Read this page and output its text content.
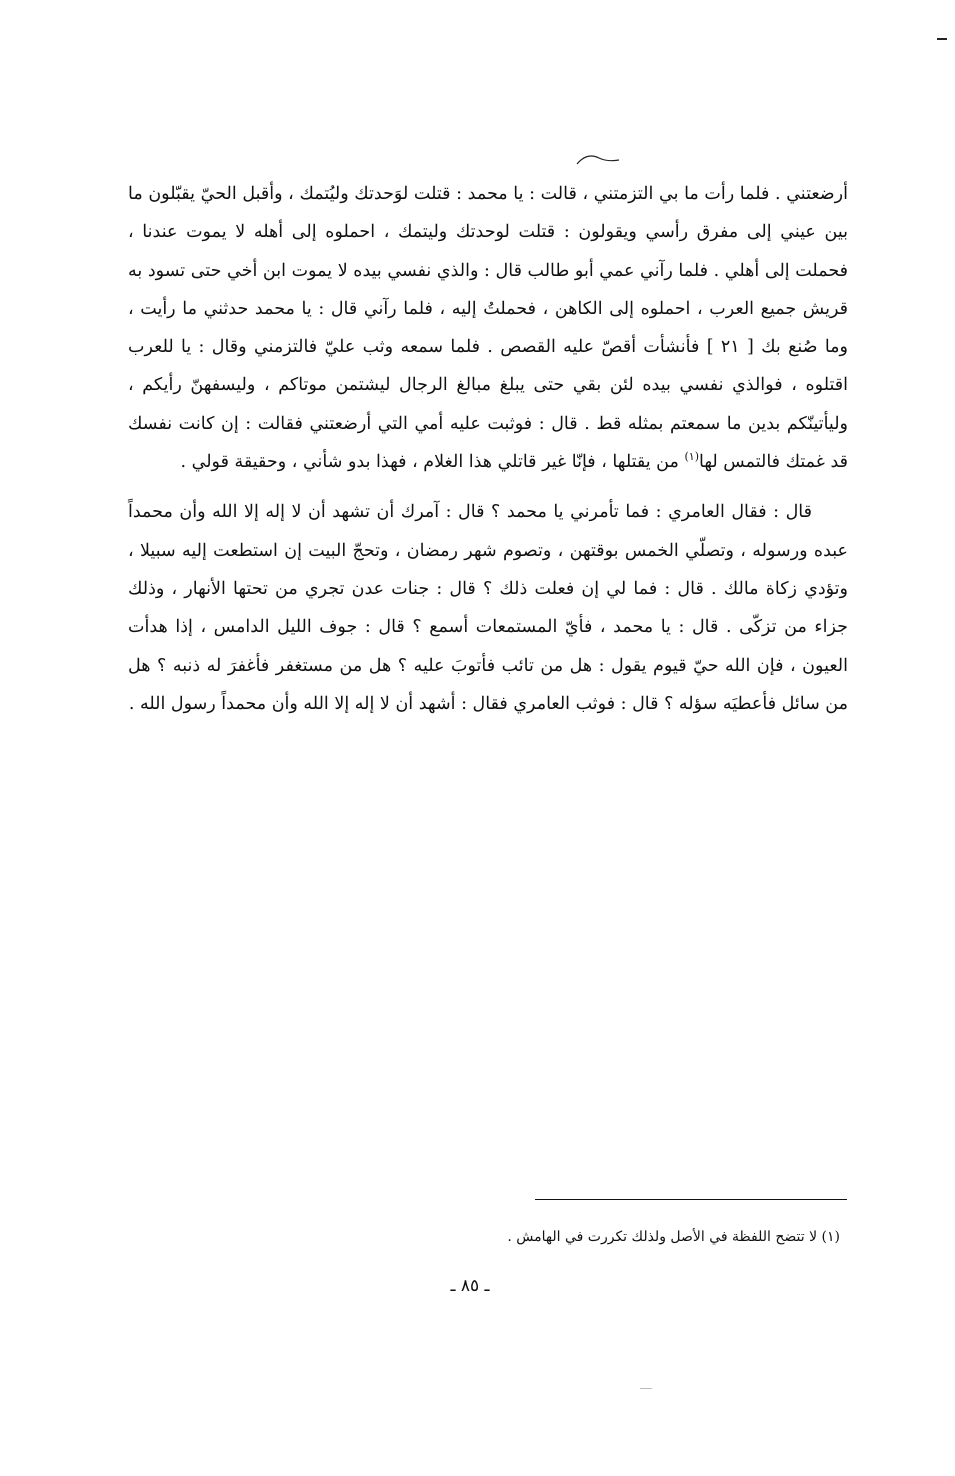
أرضعتني . فلما رأت ما بي التزمتني ، قالت : يا محمد : قتلت لوَحدتك وليُتمك ، وأقبل الحيّ يقبّلون ما بين عيني إلى مفرق رأسي ويقولون : قتلت لوحدتك وليتمك ، احملوه إلى أهله لا يموت عندنا ، فحملت إلى أهلي . فلما رآني عمي أبو طالب قال : والذي نفسي بيده لا يموت ابن أخي حتى تسود به قريش جميع العرب ، احملوه إلى الكاهن ، فحملتُ إليه ، فلما رآني قال : يا محمد حدثني ما رأيت ، وما صُنع بك [ ٢١ ] فأنشأت أقصّ عليه القصص . فلما سمعه وثب عليّ فالتزمني وقال : يا للعرب اقتلوه ، فوالذي نفسي بيده لئن بقي حتى يبلغ مبالغ الرجال ليشتمن موتاكم ، وليسفهنّ رأيكم ، وليأتينّكم بدين ما سمعتم بمثله قط . قال : فوثبت عليه أمي التي أرضعتني فقالت : إن كانت نفسك قد غمتك فالتمس لها$^{(١)}$ من يقتلها ، فإنّا غير قاتلي هذا الغلام ، فهذا بدو شأني ، وحقيقة قولي .

قال : فقال العامري : فما تأمرني يا محمد ؟ قال : آمرك أن تشهد أن لا إله إلا الله وأن محمداً عبده ورسوله ، وتصلّي الخمس بوقتهن ، وتصوم شهر رمضان ، وتحجّ البيت إن استطعت إليه سبيلا ، وتؤدي زكاة مالك . قال : فما لي إن فعلت ذلك ؟ قال : جنات عدن تجري من تحتها الأنهار ، وذلك جزاء من تزكّى . قال : يا محمد ، فأيّ المستمعات أسمع ؟ قال : جوف الليل الدامس ، إذا هدأت العيون ، فإن الله حيّ قيوم يقول : هل من تائب فأتوبَ عليه ؟ هل من مستغفر فأغفرَ له ذنبه ؟ هل من سائل فأعطيَه سؤله ؟ قال : فوثب العامري فقال : أشهد أن لا إله إلا الله وأن محمداً رسول الله .

(١) لا تتضح اللفظة في الأصل ولذلك تكررت في الهامش .
ـ ٨٥ ـ
